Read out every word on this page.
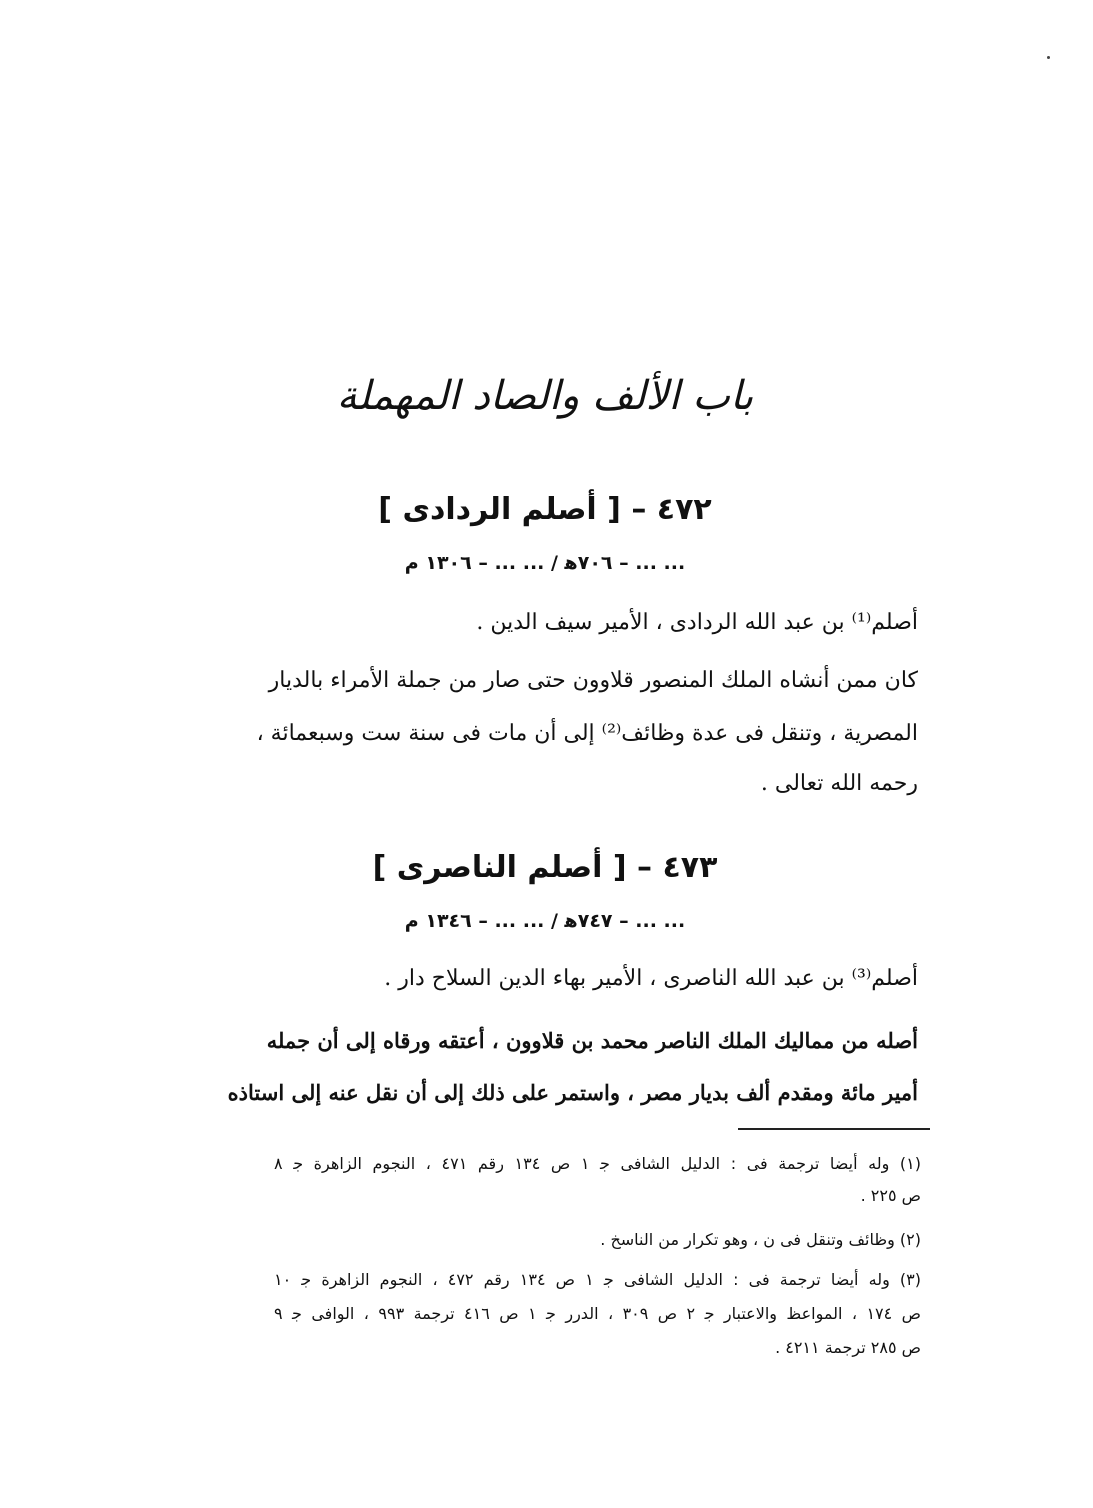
باب الألف والصاد المهملة
٤٧٢ – [ أصلم الردادى ]
... ... – ٧٠٦ﻫ / ... ... – ١٣٠٦ م
أصلم⁽¹⁾ بن عبد الله الردادى ، الأمير سيف الدين .
كان ممن أنشاه الملك المنصور قلاوون حتى صار من جملة الأمراء بالديار
المصرية ، وتنقل فى عدة وظائف⁽²⁾ إلى أن مات فى سنة ست وسبعمائة ،
رحمه الله تعالى .
٤٧٣ – [ أصلم الناصرى ]
... ... – ٧٤٧ﻫ / ... ... – ١٣٤٦ م
أصلم⁽³⁾ بن عبد الله الناصرى ، الأمير بهاء الدين السلاح دار .
أصله من مماليك الملك الناصر محمد بن قلاوون ، أعتقه ورقاه إلى أن جمله
أمير مائة ومقدم ألف بديار مصر ، واستمر على ذلك إلى أن نقل عنه إلى استاذه
(١) وله أيضا ترجمة فى : الدليل الشافى ﺟ ١ ص ١٣٤ رقم ٤٧١ ، النجوم الزاهرة ﺟ ٨
ص ٢٢٥ .
(٢) وظائف وتنقل فى ن ، وهو تكرار من الناسخ .
(٣) وله أيضا ترجمة فى : الدليل الشافى ﺟ ١ ص ١٣٤ رقم ٤٧٢ ، النجوم الزاهرة ﺟ ١٠
ص ١٧٤ ، المواعظ والاعتبار ﺟ ٢ ص ٣٠٩ ، الدرر ﺟ ١ ص ٤١٦ ترجمة ٩٩٣ ، الوافى ﺟ ٩
ص ٢٨٥ ترجمة ٤٢١١ .
